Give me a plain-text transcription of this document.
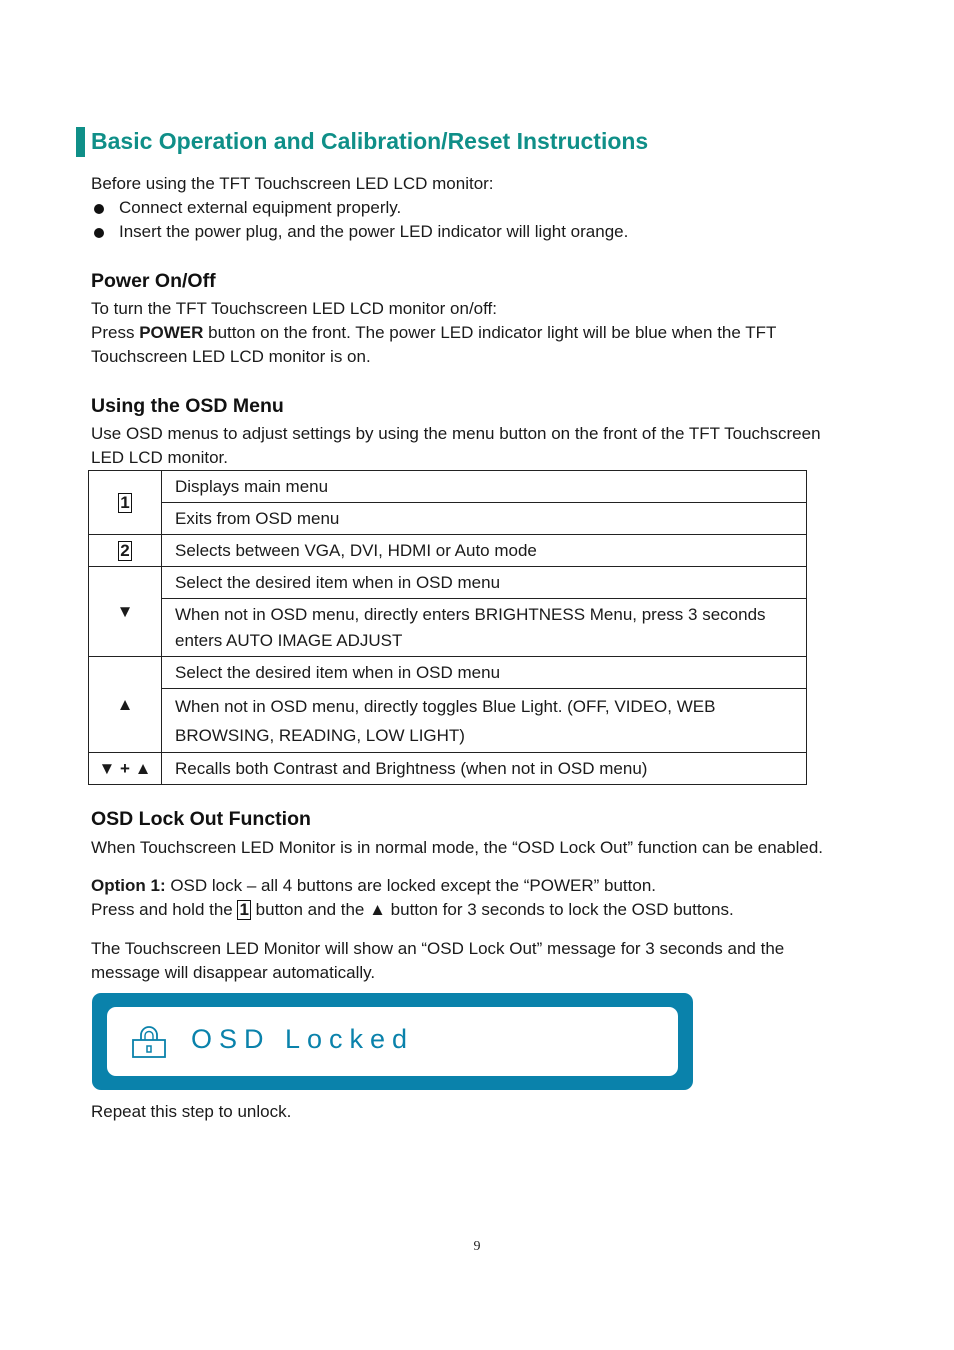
Basic Operation and Calibration/Reset Instructions
Before using the TFT Touchscreen LED LCD monitor:
Connect external equipment properly.
Insert the power plug, and the power LED indicator will light orange.
Power On/Off
To turn the TFT Touchscreen LED LCD monitor on/off:
Press POWER button on the front. The power LED indicator light will be blue when the TFT
Touchscreen LED LCD monitor is on.
Using the OSD Menu
Use OSD menus to adjust settings by using the menu button on the front of the TFT Touchscreen
LED LCD monitor.
1	Displays main menu
	Exits from OSD menu
2	Selects between VGA, DVI, HDMI or Auto mode
▼	Select the desired item when in OSD menu
	When not in OSD menu, directly enters BRIGHTNESS Menu, press 3 seconds
enters AUTO IMAGE ADJUST
▲	Select the desired item when in OSD menu
	When not in OSD menu, directly toggles Blue Light. (OFF, VIDEO, WEB
BROWSING, READING, LOW LIGHT)
▼ + ▲	Recalls both Contrast and Brightness (when not in OSD menu)
OSD Lock Out Function
When Touchscreen LED Monitor is in normal mode, the “OSD Lock Out” function can be enabled.
Option 1: OSD lock – all 4 buttons are locked except the “POWER” button.
Press and hold the 1 button and the ▲ button for 3 seconds to lock the OSD buttons.
The Touchscreen LED Monitor will show an “OSD Lock Out” message for 3 seconds and the
message will disappear automatically.
OSD Locked
Repeat this step to unlock.
9
